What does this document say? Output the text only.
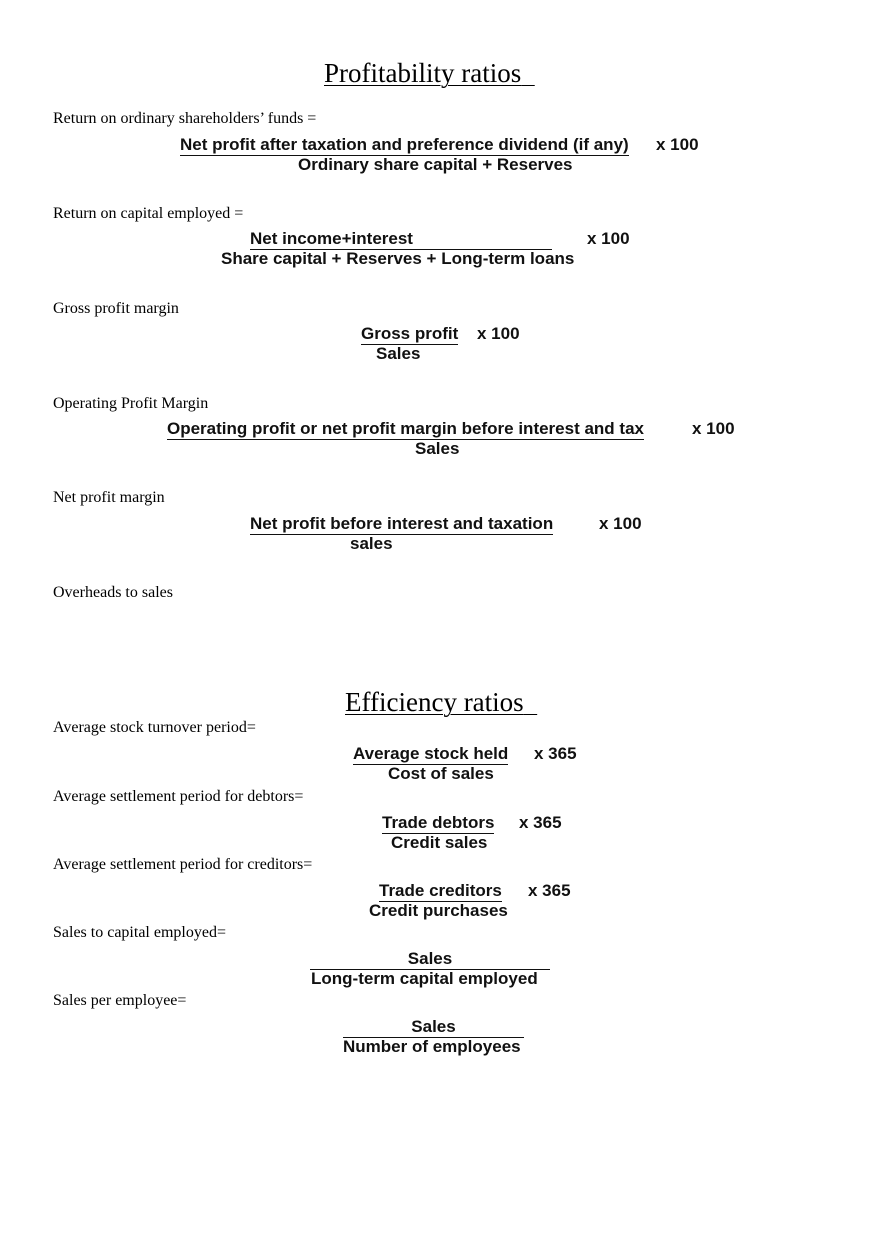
Profitability ratios
Return on ordinary shareholders’ funds =
Net profit after taxation and preference dividend (if any) x 100
Ordinary share capital + Reserves
Return on capital employed =
Net income+interest	x 100
Share capital + Reserves + Long-term loans
Gross profit margin
Gross profit x 100
Sales
Operating Profit Margin
Operating profit or net profit margin before interest and tax	x 100
Sales
Net profit margin
Net profit before interest and taxation	x 100
sales
Overheads to sales
Efficiency ratios
Average stock turnover period=
Average stock held x 365
Cost of sales
Average settlement period for debtors=
Trade debtors x 365
Credit sales
Average settlement period for creditors=
Trade creditors x 365
Credit purchases
Sales to capital employed=
Sales
Long-term capital employed
Sales per employee=
Sales
Number of employees
